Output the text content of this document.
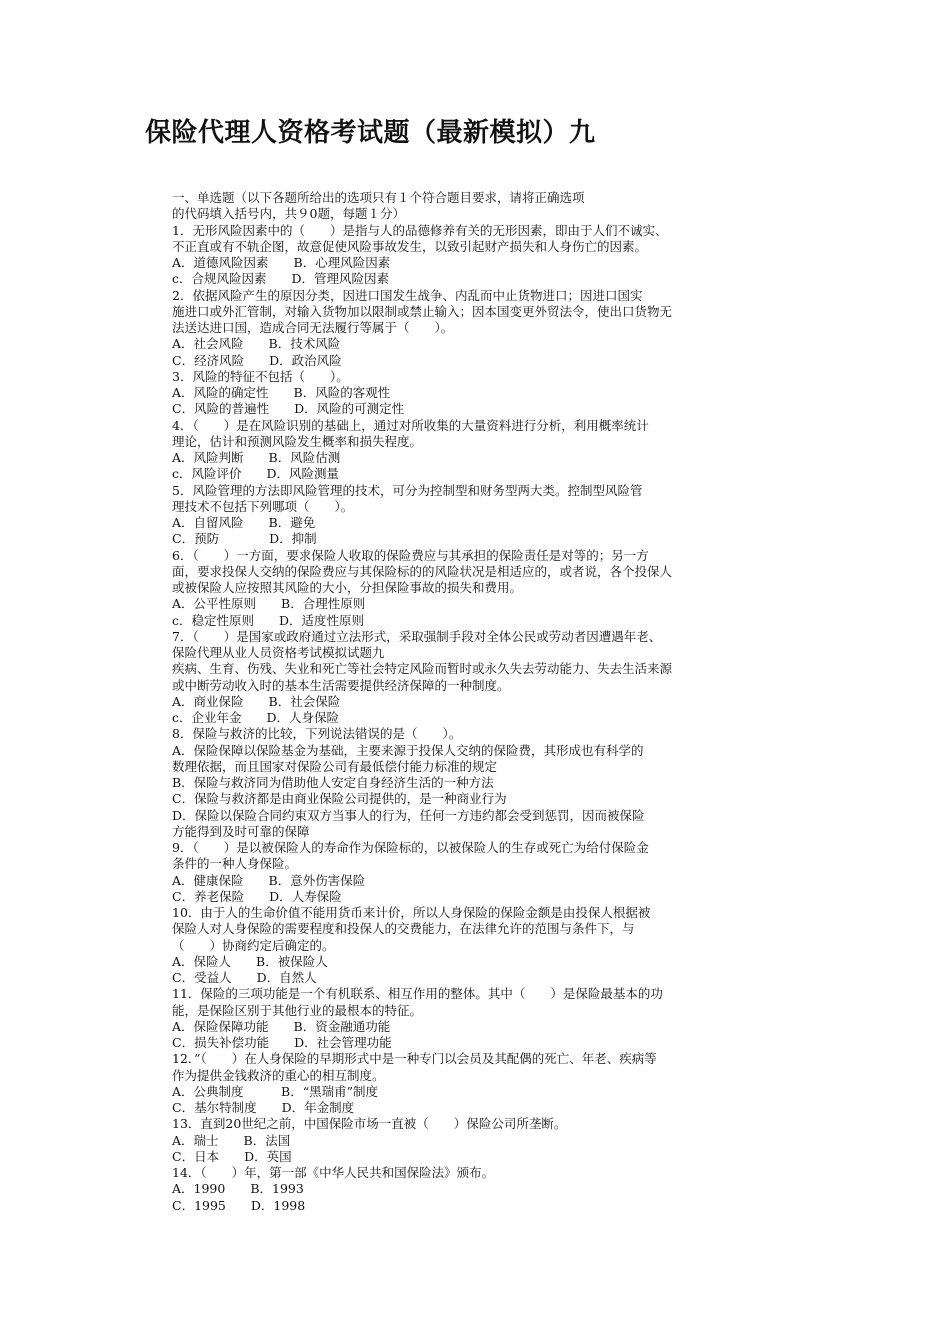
保险代理人资格考试题（最新模拟）九
一、单选题（以下各题所给出的选项只有１个符合题目要求，请将正确选项
的代码填入括号内，共９0题，每题１分）
1．无形风险因素中的（　　）是指与人的品德修养有关的无形因素，即由于人们不诚实、
不正直或有不轨企图，故意促使风险事故发生，以致引起财产损失和人身伤亡的因素。
A．道德风险因素　　B．心理风险因素
c．合规风险因素　　D．管理风险因素
2．依据风险产生的原因分类，因进口国发生战争、内乱而中止货物进口；因进口国实
施进口或外汇管制，对输入货物加以限制或禁止输入；因本国变更外贸法令，使出口货物无
法送达进口国，造成合同无法履行等属于（　　）。
A．社会风险　　B．技术风险
C．经济风险　　D．政治风险
3．风险的特征不包括（　　）。
A．风险的确定性　　B．风险的客观性
C．风险的普遍性　　D．风险的可测定性
4．（　　）是在风险识别的基础上，通过对所收集的大量资料进行分析，利用概率统计
理论，估计和预测风险发生概率和损失程度。
A．风险判断　　B．风险估测
c．风险评价　　D．风险测量
5．风险管理的方法即风险管理的技术，可分为控制型和财务型两大类。控制型风险管
理技术不包括下列哪项（　　）。
A．自留风险　　B．避免
C．预防　　　　D．抑制
6．（　　）一方面，要求保险人收取的保险费应与其承担的保险责任是对等的；另一方
面，要求投保人交纳的保险费应与其保险标的的风险状况是相适应的，或者说，各个投保人
或被保险人应按照其风险的大小，分担保险事故的损失和费用。
A．公平性原则　　B．合理性原则
c．稳定性原则　　D．适度性原则
7．（　　）是国家或政府通过立法形式，采取强制手段对全体公民或劳动者因遭遇年老、
保险代理从业人员资格考试模拟试题九
疾病、生育、伤残、失业和死亡等社会特定风险而暂时或永久失去劳动能力、失去生活来源
或中断劳动收入时的基本生活需要提供经济保障的一种制度。
A．商业保险　　B．社会保险
c．企业年金　　D．人身保险
8．保险与救济的比较，下列说法错误的是（　　）。
A．保险保障以保险基金为基础，主要来源于投保人交纳的保险费，其形成也有科学的
数理依据，而且国家对保险公司有最低偿付能力标准的规定
B．保险与救济同为借助他人安定自身经济生活的一种方法
C．保险与救济都是由商业保险公司提供的，是一种商业行为
D．保险以保险合同约束双方当事人的行为，任何一方违约都会受到惩罚，因而被保险
方能得到及时可靠的保障
9．（　　）是以被保险人的寿命作为保险标的，以被保险人的生存或死亡为给付保险金
条件的一种人身保险。
A．健康保险　　B．意外伤害保险
C．养老保险　　D．人寿保险
10．由于人的生命价值不能用货币来计价，所以人身保险的保险金额是由投保人根据被
保险人对人身保险的需要程度和投保人的交费能力，在法律允许的范围与条件下，与
（　　）协商约定后确定的。
A．保险人　　B．被保险人
C．受益人　　D．自然人
11．保险的三项功能是一个有机联系、相互作用的整体。其中（　　）是保险最基本的功
能，是保险区别于其他行业的最根本的特征。
A．保险保障功能　　B．资金融通功能
C．损失补偿功能　　D．社会管理功能
12．”（　　）在人身保险的早期形式中是一种专门以会员及其配偶的死亡、年老、疾病等
作为提供金钱救济的重心的相互制度。
A．公典制度　　　B．“黑瑞甫”制度
C．基尔特制度　　D．年金制度
13．直到20世纪之前，中国保险市场一直被（　　）保险公司所垄断。
A．瑞士　　B．法国
C．日本　　D．英国
14．（　　）年，第一部《中华人民共和国保险法》颁布。
A．1990　　B．1993
C．1995　　D．1998
